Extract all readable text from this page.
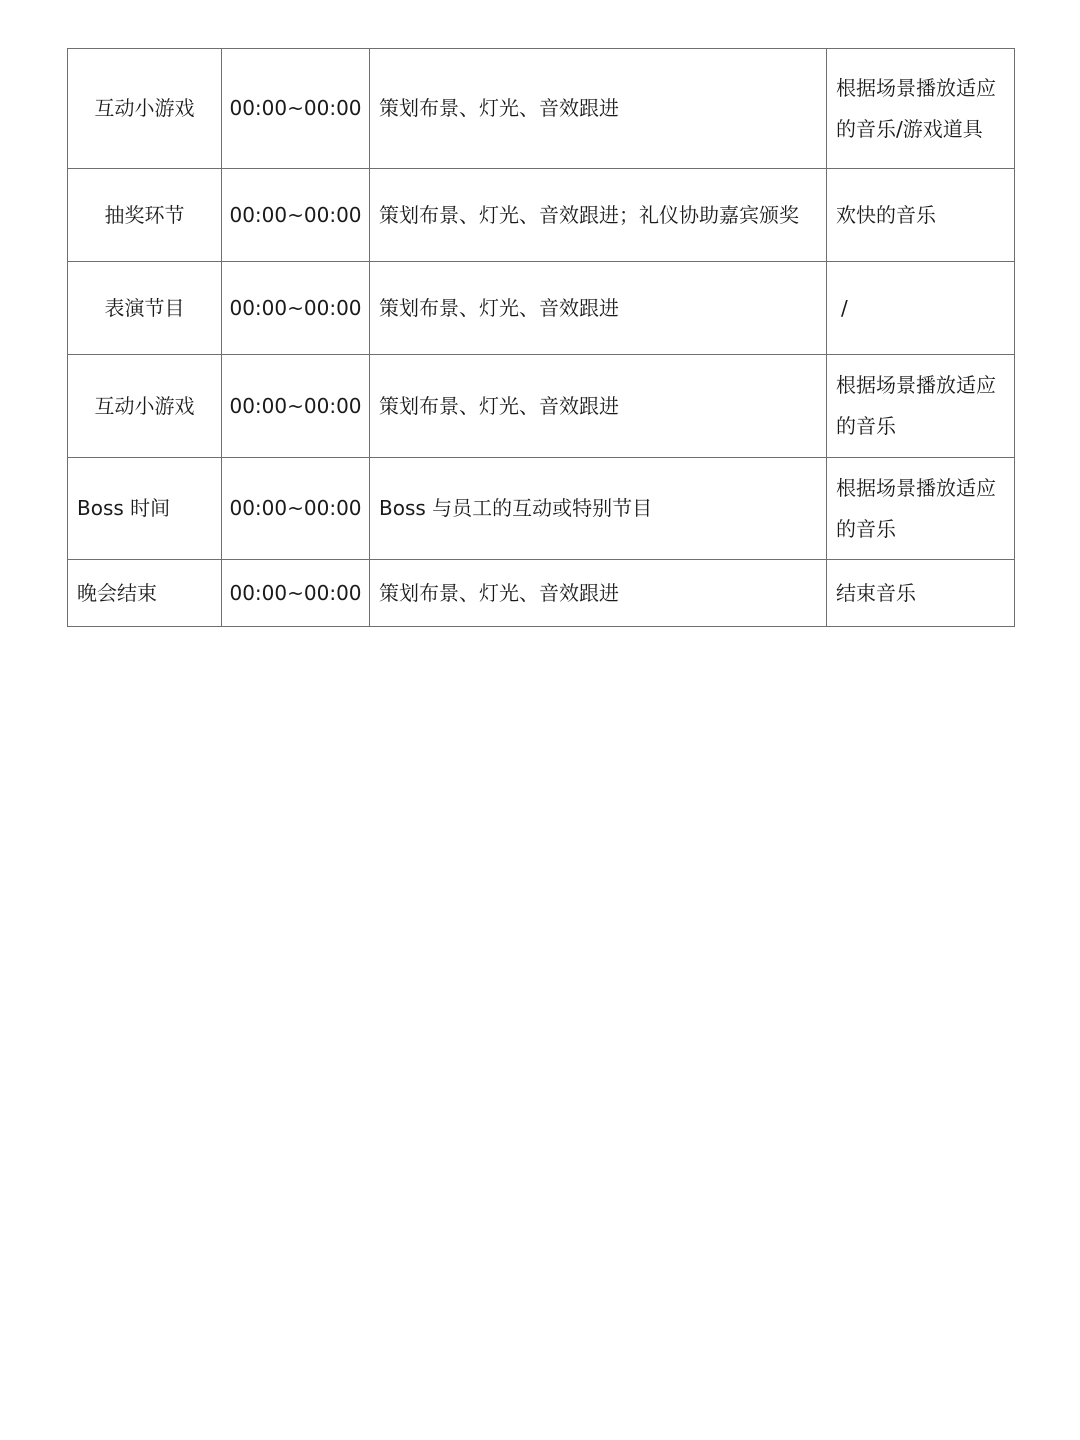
互动小游戏	00:00~00:00	策划布景、灯光、音效跟进	根据场景播放适应的音乐/游戏道具
抽奖环节	00:00~00:00	策划布景、灯光、音效跟进；礼仪协助嘉宾颁奖	欢快的音乐
表演节目	00:00~00:00	策划布景、灯光、音效跟进	/
互动小游戏	00:00~00:00	策划布景、灯光、音效跟进	根据场景播放适应的音乐
Boss 时间	00:00~00:00	Boss 与员工的互动或特别节目	根据场景播放适应的音乐
晚会结束	00:00~00:00	策划布景、灯光、音效跟进	结束音乐
